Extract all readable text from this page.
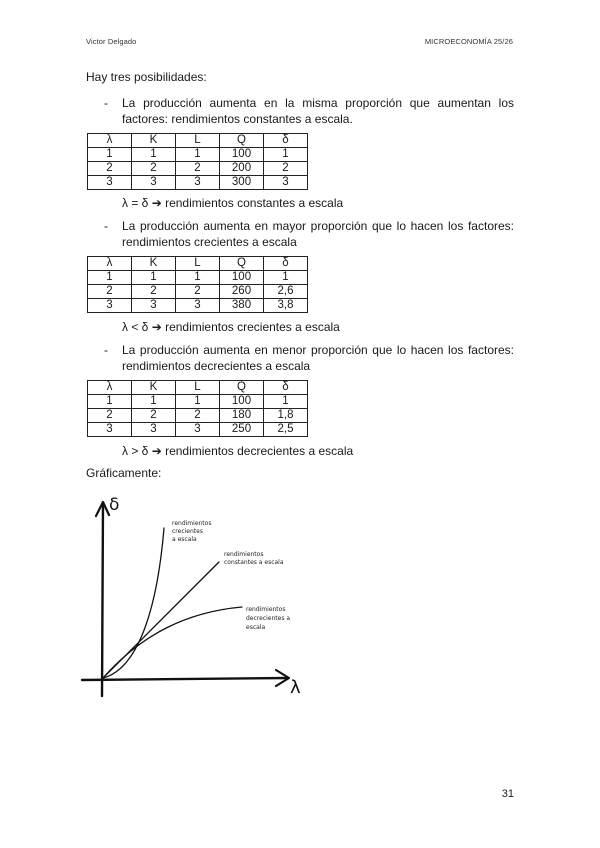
Victor Delgado	MICROECONOMÍA 25/26
Hay tres posibilidades:
- La producción aumenta en la misma proporción que aumentan los factores: rendimientos constantes a escala.
λ	K	L	Q	δ
1	1	1	100	1
2	2	2	200	2
3	3	3	300	3
λ = δ ➔ rendimientos constantes a escala
- La producción aumenta en mayor proporción que lo hacen los factores: rendimientos crecientes a escala
λ	K	L	Q	δ
1	1	1	100	1
2	2	2	260	2,6
3	3	3	380	3,8
λ < δ ➔ rendimientos crecientes a escala
- La producción aumenta en menor proporción que lo hacen los factores: rendimientos decrecientes a escala
λ	K	L	Q	δ
1	1	1	100	1
2	2	2	180	1,8
3	3	3	250	2,5
λ > δ ➔ rendimientos decrecientes a escala
Gráficamente:
δ
λ
rendimientos
crecientes
a escala
rendimientos
constantes a escala
rendimientos
decrecientes a
escala
31
